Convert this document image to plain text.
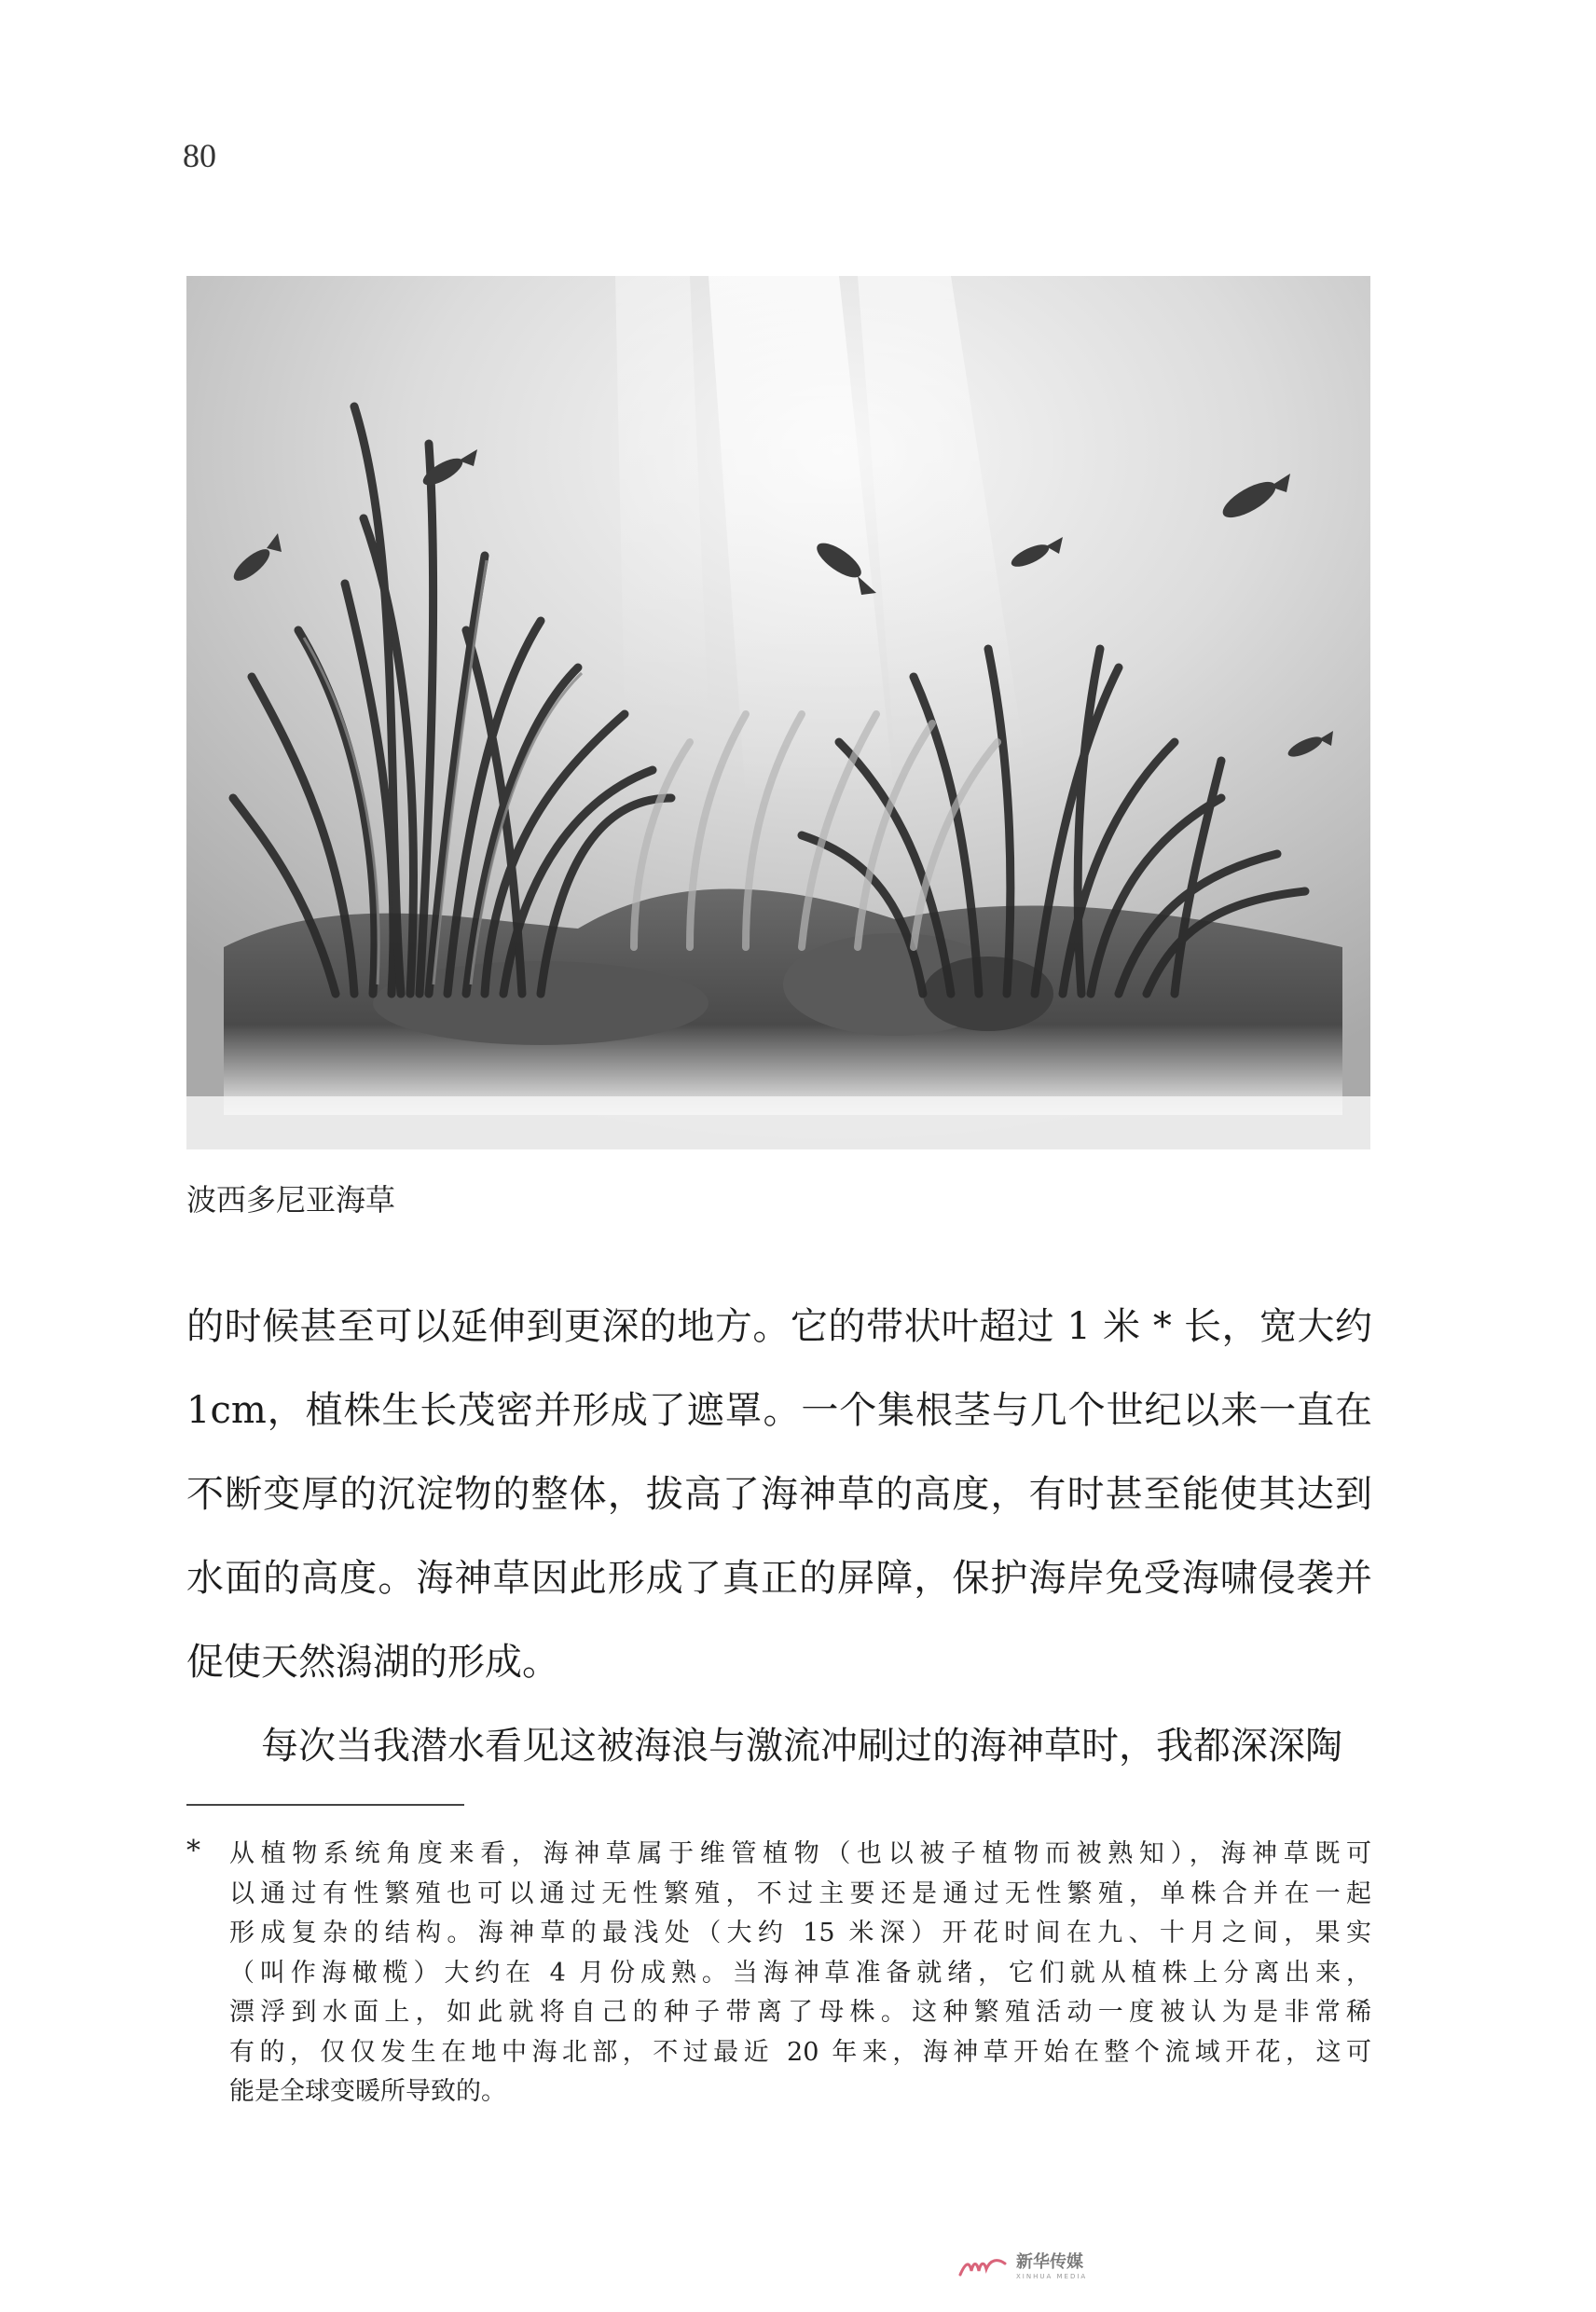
80
波西多尼亚海草
的时候甚至可以延伸到更深的地方。它的带状叶超过 1 米 * 长，宽大约
1cm，植株生长茂密并形成了遮罩。一个集根茎与几个世纪以来一直在
不断变厚的沉淀物的整体，拔高了海神草的高度，有时甚至能使其达到
水面的高度。海神草因此形成了真正的屏障，保护海岸免受海啸侵袭并
促使天然潟湖的形成。
每次当我潜水看见这被海浪与激流冲刷过的海神草时，我都深深陶
* 从植物系统角度来看，海神草属于维管植物（也以被子植物而被熟知），海神草既可
以通过有性繁殖也可以通过无性繁殖，不过主要还是通过无性繁殖，单株合并在一起
形成复杂的结构。海神草的最浅处（大约 15 米深）开花时间在九、十月之间，果实
（叫作海橄榄）大约在 4 月份成熟。当海神草准备就绪，它们就从植株上分离出来，
漂浮到水面上，如此就将自己的种子带离了母株。这种繁殖活动一度被认为是非常稀
有的，仅仅发生在地中海北部，不过最近 20 年来，海神草开始在整个流域开花，这可
能是全球变暖所导致的。
新华传媒
XINHUA MEDIA
